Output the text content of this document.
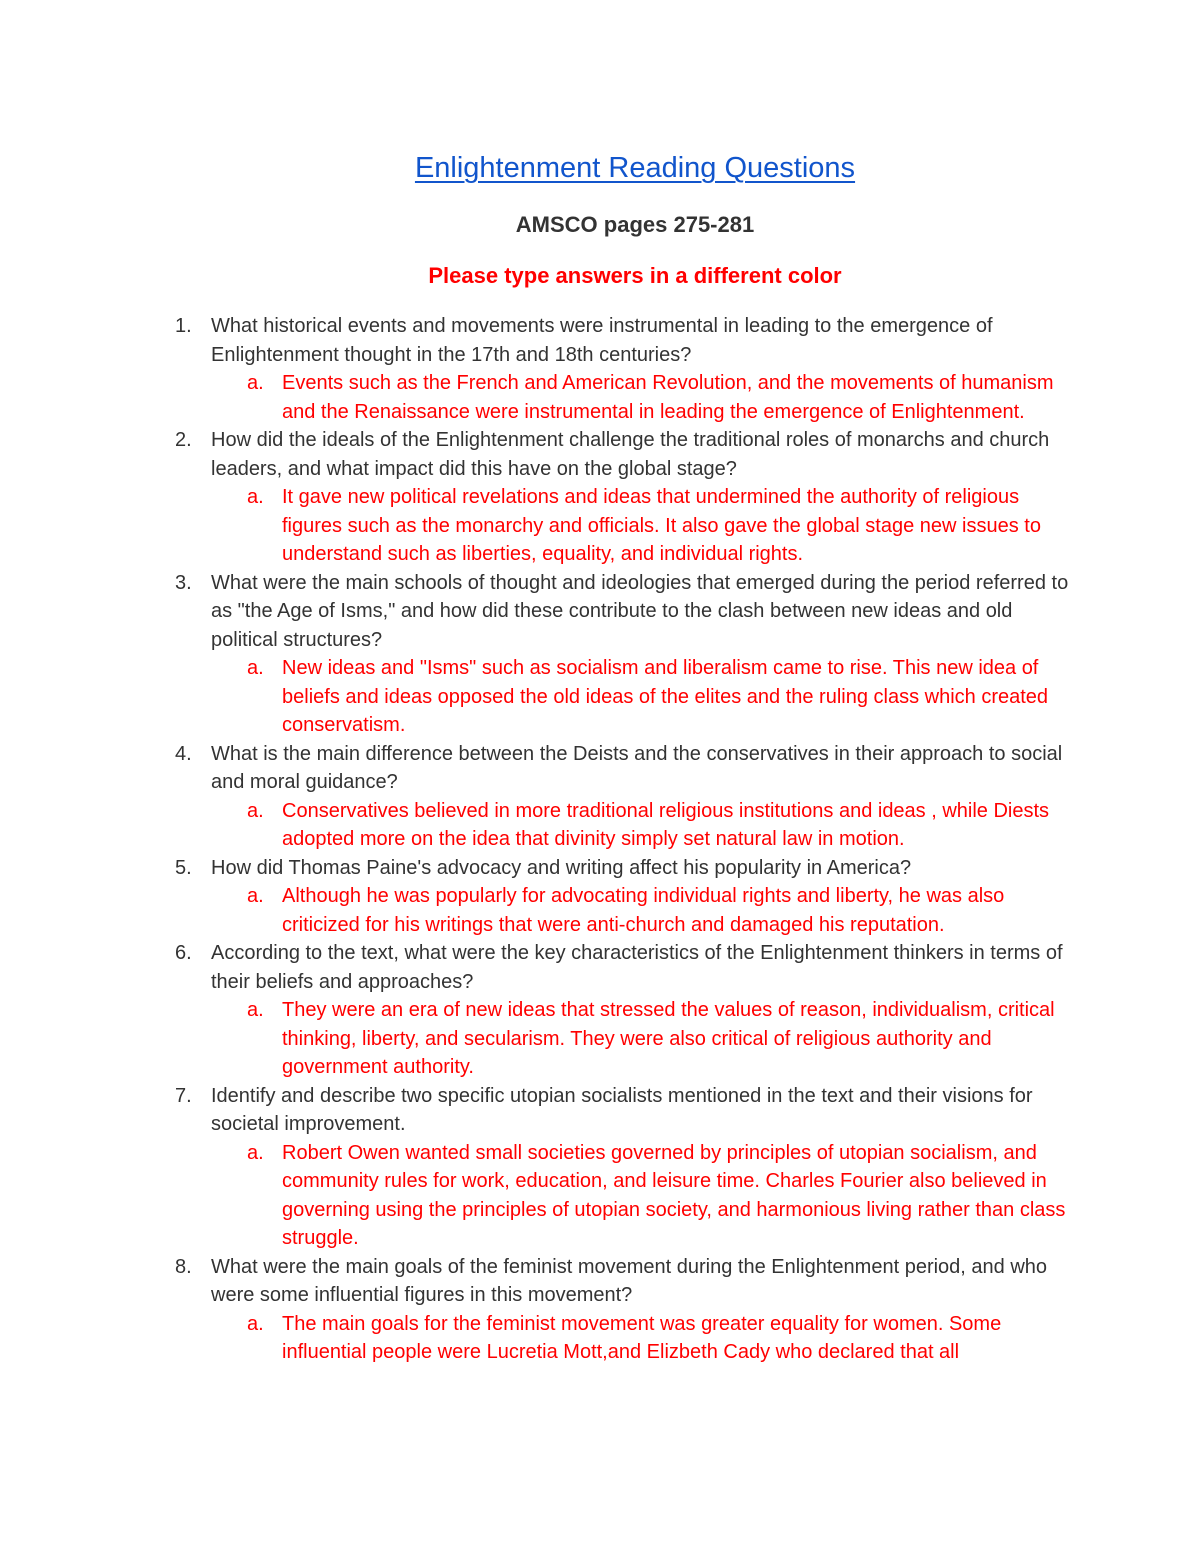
Enlightenment Reading Questions
AMSCO pages 275-281
Please type answers in a different color
1. What historical events and movements were instrumental in leading to the emergence of Enlightenment thought in the 17th and 18th centuries?
a. Events such as the French and American Revolution, and the movements of humanism and the Renaissance were instrumental in leading the emergence of Enlightenment.
2. How did the ideals of the Enlightenment challenge the traditional roles of monarchs and church leaders, and what impact did this have on the global stage?
a. It gave new political revelations and ideas that undermined the authority of religious figures such as the monarchy and officials. It also gave the global stage new issues to understand such as liberties, equality, and individual rights.
3. What were the main schools of thought and ideologies that emerged during the period referred to as "the Age of Isms," and how did these contribute to the clash between new ideas and old political structures?
a. New ideas and "Isms" such as socialism and liberalism came to rise. This new idea of beliefs and ideas opposed the old ideas of the elites and the ruling class which created conservatism.
4. What is the main difference between the Deists and the conservatives in their approach to social and moral guidance?
a. Conservatives believed in more traditional religious institutions and ideas , while Diests adopted more on the idea that divinity simply set natural law in motion.
5. How did Thomas Paine's advocacy and writing affect his popularity in America?
a. Although he was popularly for advocating individual rights and liberty, he was also criticized for his writings that were anti-church and damaged his reputation.
6. According to the text, what were the key characteristics of the Enlightenment thinkers in terms of their beliefs and approaches?
a. They were an era of new ideas that stressed the values of reason, individualism, critical thinking, liberty, and secularism. They were also critical of religious authority and government authority.
7. Identify and describe two specific utopian socialists mentioned in the text and their visions for societal improvement.
a. Robert Owen wanted small societies governed by principles of utopian socialism, and community rules for work, education, and leisure time. Charles Fourier also believed in governing using the principles of utopian society, and harmonious living rather than class struggle.
8. What were the main goals of the feminist movement during the Enlightenment period, and who were some influential figures in this movement?
a. The main goals for the feminist movement was greater equality for women. Some influential people were Lucretia Mott,and Elizbeth Cady who declared that all
